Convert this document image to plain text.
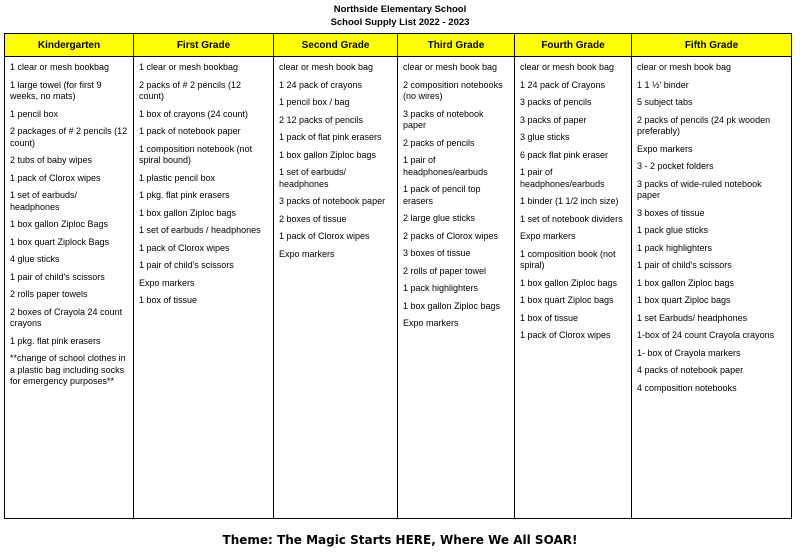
Northside Elementary School
School Supply List 2022 - 2023
Kindergarten
1 clear or mesh bookbag
1 large towel (for first 9 weeks, no mats)
1 pencil box
2 packages of # 2 pencils (12 count)
2 tubs of baby wipes
1 pack of Clorox wipes
1 set of earbuds/ headphones
1 box gallon Ziploc Bags
1 box quart Ziplock Bags
4 glue sticks
1 pair of child's scissors
2 rolls paper towels
2 boxes of Crayola 24 count crayons
1 pkg. flat pink erasers
**change of school clothes in a plastic bag including socks for emergency purposes**
First Grade
1 clear or mesh bookbag
2 packs of # 2 pencils (12 count)
1 box of crayons (24 count)
1 pack of notebook paper
1 composition notebook (not spiral bound)
1 plastic pencil box
1 pkg. flat pink erasers
1 box gallon Ziploc bags
1 set of earbuds / headphones
1 pack of Clorox wipes
1 pair of child's scissors
Expo markers
1 box of tissue
Second Grade
clear or mesh book bag
1 24 pack of crayons
1 pencil box / bag
2 12 packs of pencils
1 pack of flat pink erasers
1 box gallon Ziploc bags
1 set of earbuds/ headphones
3 packs of notebook paper
2 boxes of tissue
1 pack of Clorox wipes
Expo markers
Third Grade
clear or mesh book bag
2 composition notebooks (no wires)
3 packs of notebook paper
2 packs of pencils
1 pair of headphones/earbuds
1 pack of pencil top erasers
2 large glue sticks
2 packs of Clorox wipes
3 boxes of tissue
2 rolls of paper towel
1 pack highlighters
1 box gallon Ziploc bags
Expo markers
Fourth Grade
clear or mesh book bag
1 24 pack of Crayons
3 packs of pencils
3 packs of paper
3 glue sticks
6 pack flat pink eraser
1 pair of headphones/earbuds
1 binder (1 1/2 inch size)
1 set of notebook dividers
Expo markers
1 composition book (not spiral)
1 box gallon Ziploc bags
1 box quart Ziploc bags
1 box of tissue
1 pack of Clorox wipes
Fifth Grade
clear or mesh book bag
1 1 ½' binder
5 subject tabs
2 packs of pencils (24 pk wooden preferably)
Expo markers
3 - 2 pocket folders
3 packs of wide-ruled notebook paper
3 boxes of tissue
1 pack glue sticks
1 pack highlighters
1 pair of child's scissors
1 box gallon Ziploc bags
1 box quart Ziploc bags
1 set Earbuds/ headphones
1-box of 24 count Crayola crayons
1- box of Crayola markers
4 packs of notebook paper
4 composition notebooks
Theme: The Magic Starts HERE, Where We All SOAR!
